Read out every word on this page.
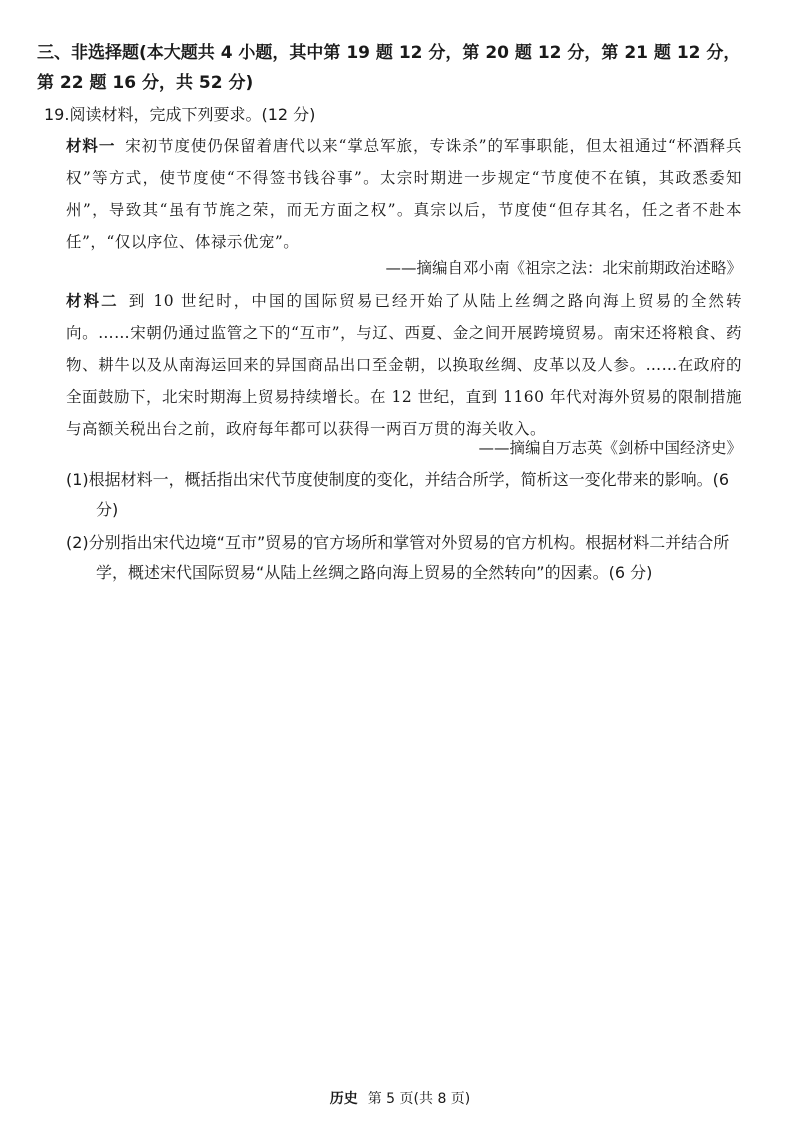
三、非选择题(本大题共 4 小题，其中第 19 题 12 分，第 20 题 12 分，第 21 题 12 分，第 22 题 16 分，共 52 分)
19.阅读材料，完成下列要求。(12 分)
材料一 宋初节度使仍保留着唐代以来“掌总军旅，专诛杀”的军事职能，但太祖通过“杯酒释兵权”等方式，使节度使“不得签书钱谷事”。太宗时期进一步规定“节度使不在镇，其政悉委知州”，导致其“虽有节旄之荣，而无方面之权”。真宗以后，节度使“但存其名，任之者不赴本任”，“仅以序位、体禄示优宠”。
——摘编自邓小南《祖宗之法：北宋前期政治述略》
材料二 到 10 世纪时，中国的国际贸易已经开始了从陆上丝绸之路向海上贸易的全然转向。……宋朝仍通过监管之下的“互市”，与辽、西夏、金之间开展跨境贸易。南宋还将粮食、药物、耕牛以及从南海运回来的异国商品出口至金朝，以换取丝绸、皮革以及人参。……在政府的全面鼓励下，北宋时期海上贸易持续增长。在 12 世纪，直到 1160 年代对海外贸易的限制措施与高额关税出台之前，政府每年都可以获得一两百万贯的海关收入。
——摘编自万志英《剑桥中国经济史》
(1)根据材料一，概括指出宋代节度使制度的变化，并结合所学，简析这一变化带来的影响。(6 分)
(2)分别指出宋代边境“互市”贸易的官方场所和掌管对外贸易的官方机构。根据材料二并结合所学，概述宋代国际贸易“从陆上丝绸之路向海上贸易的全然转向”的因素。(6 分)
历史 第 5 页(共 8 页)
